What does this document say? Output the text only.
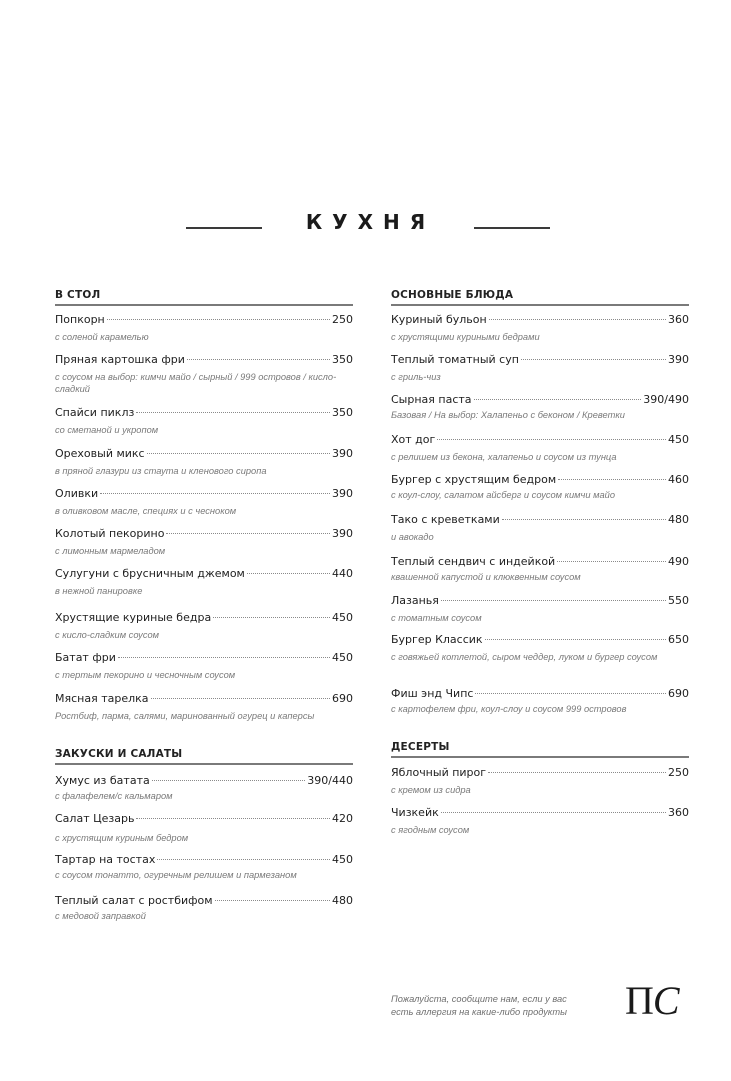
КУХНЯ
В СТОЛ
Попкорн	250
с соленой карамелью
Пряная картошка фри	350
с соусом на выбор: кимчи майо / сырный / 999 островов / кисло-сладкий
Спайси пиклз	350
со сметаной и укропом
Ореховый микс	390
в пряной глазури из стаута и кленового сиропа
Оливки	390
в оливковом масле, специях и с чесноком
Колотый пекорино	390
с лимонным мармеладом
Сулугуни с брусничным джемом	440
в нежной панировке
Хрустящие куриные бедра	450
с кисло-сладким соусом
Батат фри	450
с тертым пекорино и чесночным соусом
Мясная тарелка	690
Ростбиф, парма, салями, маринованный огурец и каперсы
ЗАКУСКИ И САЛАТЫ
Хумус из батата	390/440
с фалафелем/с кальмаром
Салат Цезарь	420
с хрустящим куриным бедром
Тартар на тостах	450
с соусом тонатто, огуречным релишем и пармезаном
Теплый салат с ростбифом	480
с медовой заправкой
ОСНОВНЫЕ БЛЮДА
Куриный бульон	360
с хрустящими куриными бедрами
Теплый томатный суп	390
с гриль-чиз
Сырная паста	390/490
Базовая / На выбор: Халапеньо с беконом / Креветки
Хот дог	450
с релишем из бекона, халапеньо и соусом из тунца
Бургер с хрустящим бедром	460
с коул-слоу, салатом айсберг и соусом кимчи майо
Тако с креветками	480
и авокадо
Теплый сендвич с индейкой	490
квашенной капустой и клюквенным соусом
Лазанья	550
с томатным соусом
Бургер Классик	650
с говяжьей котлетой, сыром чеддер, луком и бургер соусом
Фиш энд Чипс	690
с картофелем фри, коул-слоу и соусом 999 островов
ДЕСЕРТЫ
Яблочный пирог	250
с кремом из сидра
Чизкейк	360
с ягодным соусом
Пожалуйста, сообщите нам, если у вас
есть аллергия на какие-либо продукты	ПС
